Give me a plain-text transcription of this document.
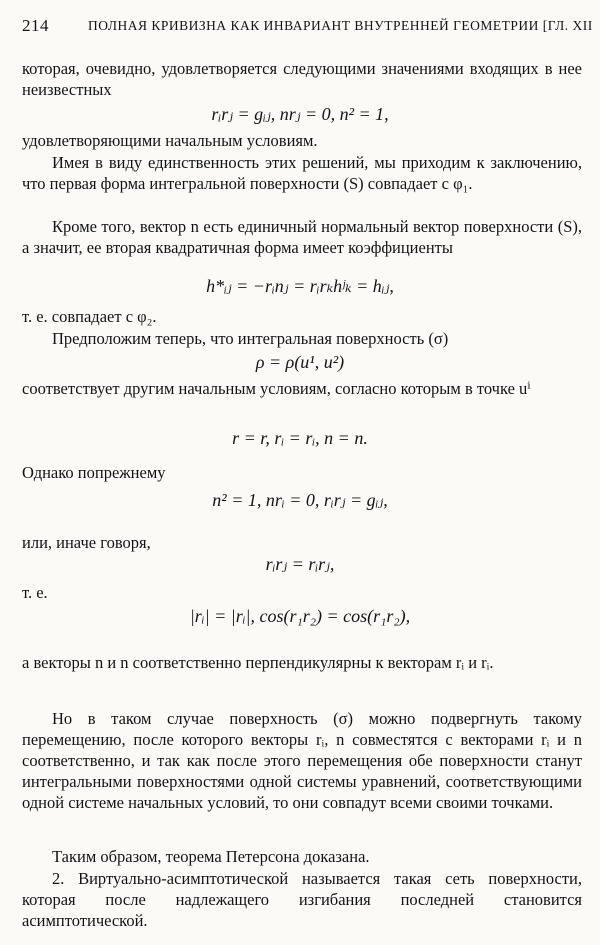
214	ПОЛНАЯ КРИВИЗНА КАК ИНВАРИАНТ ВНУТРЕННЕЙ ГЕОМЕТРИИ [ГЛ. XII

которая, очевидно, удовлетворяется следующими значениями входящих в нее неизвестных

rᵢrⱼ = gᵢⱼ, nrⱼ = 0, n² = 1,

удовлетворяющими начальным условиям.

Имея в виду единственность этих решений, мы приходим к заключению, что первая форма интегральной поверхности (S) совпадает с φ₁.

Кроме того, вектор n есть единичный нормальный вектор поверхности (S), а значит, ее вторая квадратичная форма имеет коэффициенты

h*ᵢⱼ = −rᵢnⱼ = rᵢrₖhʲₖ = hᵢⱼ,

т. е. совпадает с φ₂.

Предположим теперь, что интегральная поверхность (σ)

ρ = ρ(u¹, u²)

соответствует другим начальным условиям, согласно которым в точке uⁱ

r = r, rᵢ = rᵢ, n = n.

Однако попрежнему

n² = 1, nrᵢ = 0, rᵢrⱼ = gᵢⱼ,

или, иначе говоря,

rᵢrⱼ = rᵢrⱼ,

т. е.

|rᵢ| = |rᵢ|, cos(r₁r₂) = cos(r₁r₂),

а векторы n и n соответственно перпендикулярны к векторам rᵢ и rᵢ.

Но в таком случае поверхность (σ) можно подвергнуть такому перемещению, после которого векторы rᵢ, n совместятся с векторами rᵢ и n соответственно, и так как после этого перемещения обе поверхности станут интегральными поверхностями одной системы уравнений, соответствующими одной системе начальных условий, то они совпадут всеми своими точками.

Таким образом, теорема Петерсона доказана.

2. Виртуально-асимптотической называется такая сеть поверхности, которая после надлежащего изгибания последней становится асимптотической.
